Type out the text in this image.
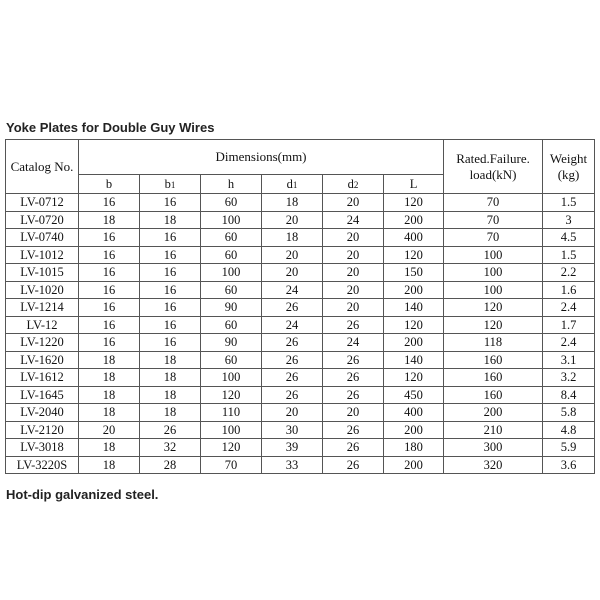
Yoke Plates for Double Guy Wires
Catalog No.	Dimensions(mm)						Rated.Failure. load(kN)	Weight (kg)
	b	b1	h	d1	d2	L		
LV-0712	16	16	60	18	20	120	70	1.5
LV-0720	18	18	100	20	24	200	70	3
LV-0740	16	16	60	18	20	400	70	4.5
LV-1012	16	16	60	20	20	120	100	1.5
LV-1015	16	16	100	20	20	150	100	2.2
LV-1020	16	16	60	24	20	200	100	1.6
LV-1214	16	16	90	26	20	140	120	2.4
LV-12	16	16	60	24	26	120	120	1.7
LV-1220	16	16	90	26	24	200	118	2.4
LV-1620	18	18	60	26	26	140	160	3.1
LV-1612	18	18	100	26	26	120	160	3.2
LV-1645	18	18	120	26	26	450	160	8.4
LV-2040	18	18	110	20	20	400	200	5.8
LV-2120	20	26	100	30	26	200	210	4.8
LV-3018	18	32	120	39	26	180	300	5.9
LV-3220S	18	28	70	33	26	200	320	3.6
Hot-dip galvanized steel.
